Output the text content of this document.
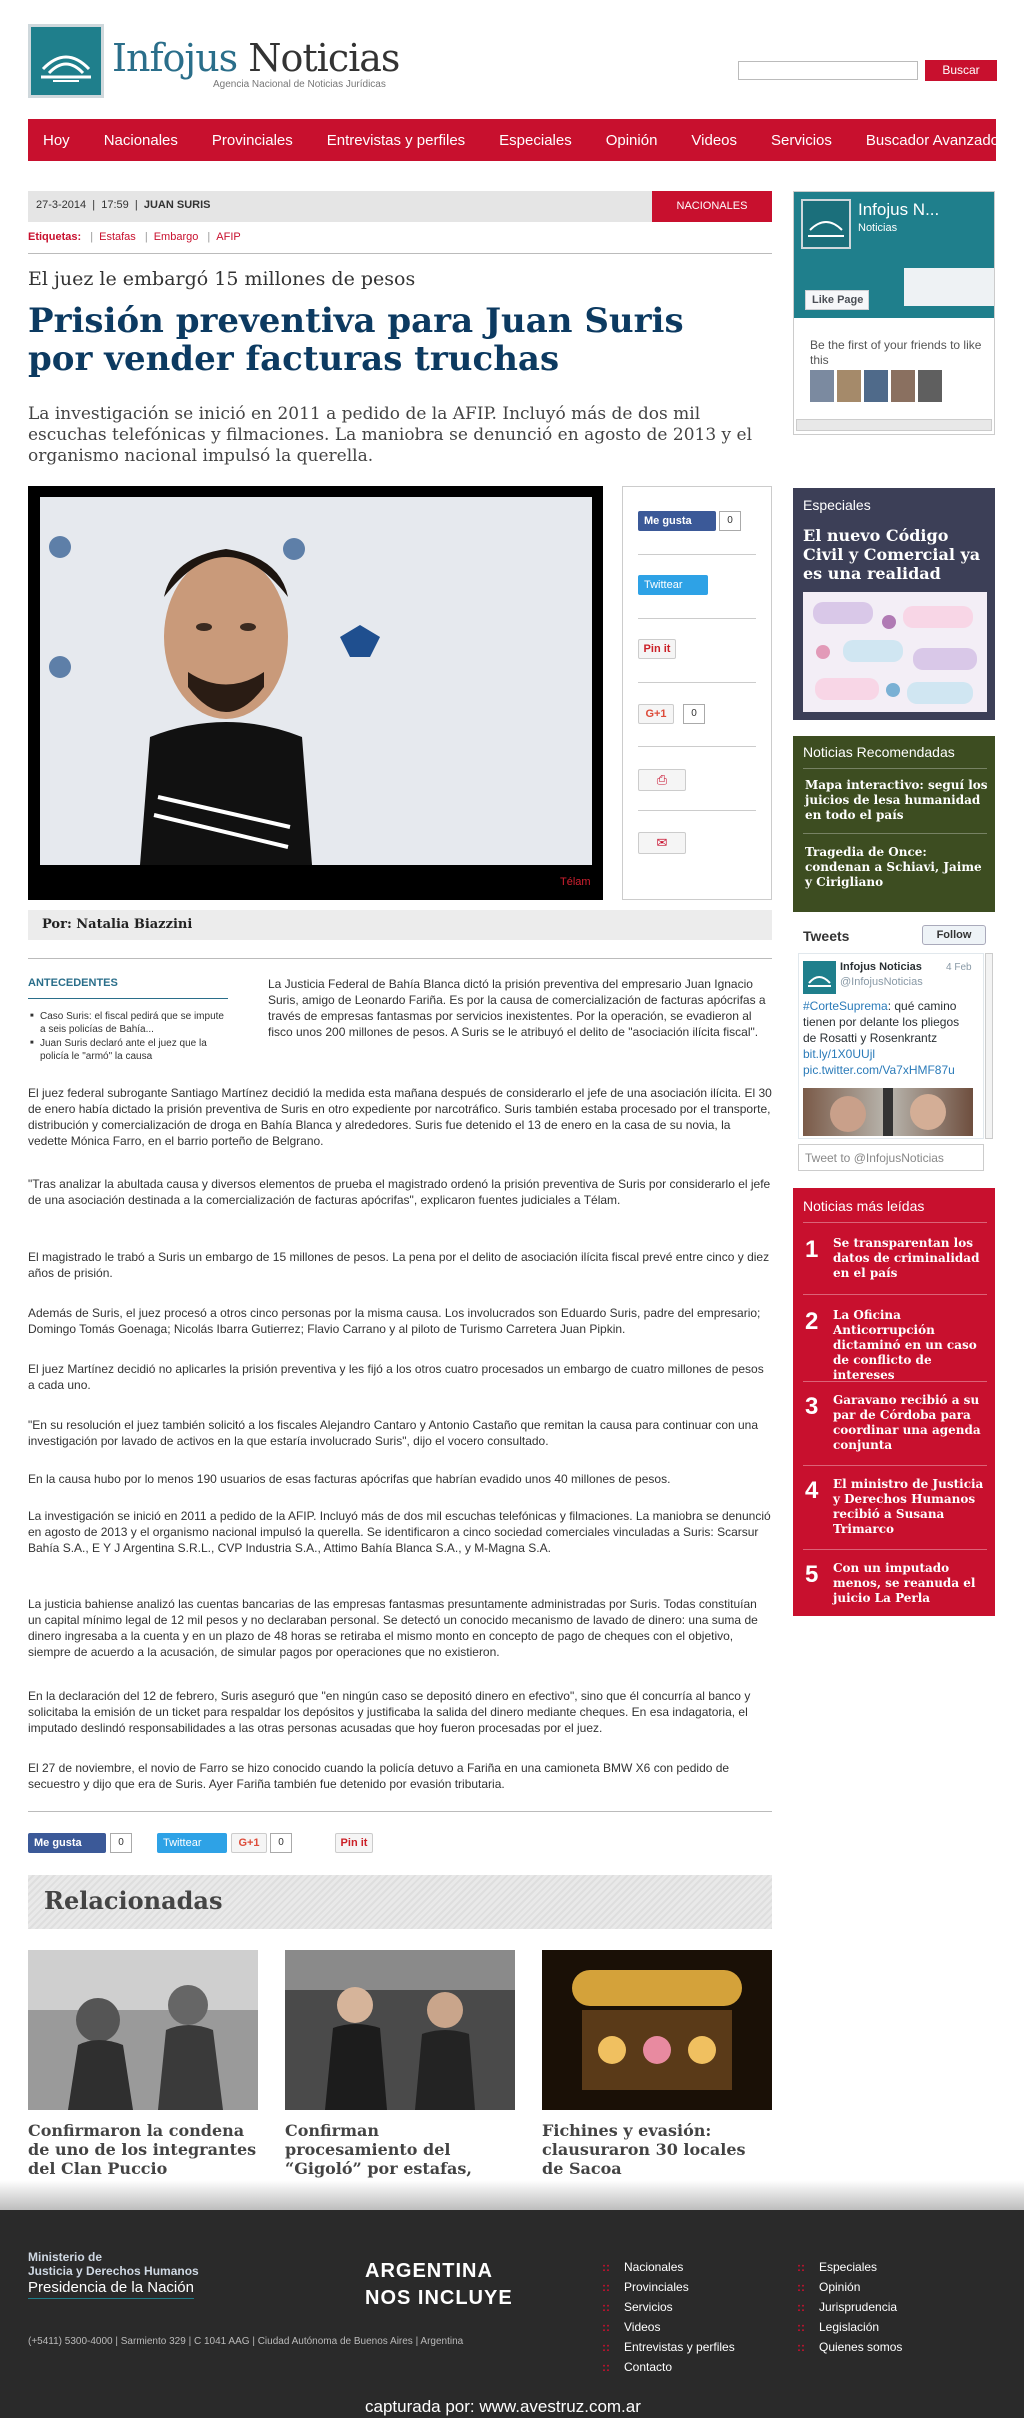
Infojus Noticias
Agencia Nacional de Noticias Jurídicas
Buscar
Hoy Nacionales Provinciales Entrevistas y perfiles Especiales Opinión Videos Servicios Buscador Avanzado
27-3-2014  |  17:59  |  JUAN SURIS	NACIONALES
Etiquetas: | Estafas | Embargo | AFIP
El juez le embargó 15 millones de pesos
Prisión preventiva para Juan Suris por vender facturas truchas

La investigación se inició en 2011 a pedido de la AFIP. Incluyó más de dos mil escuchas telefónicas y filmaciones. La maniobra se denunció en agosto de 2013 y el organismo nacional impulsó la querella.

Télam
Me gusta	0
Twittear
Pin it
G+1	0
⎙
✉
Por: Natalia Biazzini
ANTECEDENTES
■ Caso Suris: el fiscal pedirá que se impute a seis policías de Bahía...
■ Juan Suris declaró ante el juez que la policía le "armó" la causa

La Justicia Federal de Bahía Blanca dictó la prisión preventiva del empresario Juan Ignacio Suris, amigo de Leonardo Fariña. Es por la causa de comercialización de facturas apócrifas a través de empresas fantasmas por servicios inexistentes. Por la operación, se evadieron al fisco unos 200 millones de pesos. A Suris se le atribuyó el delito de "asociación ilícita fiscal".

El juez federal subrogante Santiago Martínez decidió la medida esta mañana después de considerarlo el jefe de una asociación ilícita. El 30 de enero había dictado la prisión preventiva de Suris en otro expediente por narcotráfico. Suris también estaba procesado por el transporte, distribución y comercialización de droga en Bahía Blanca y alrededores. Suris fue detenido el 13 de enero en la casa de su novia, la vedette Mónica Farro, en el barrio porteño de Belgrano.

"Tras analizar la abultada causa y diversos elementos de prueba el magistrado ordenó la prisión preventiva de Suris por considerarlo el jefe de una asociación destinada a la comercialización de facturas apócrifas", explicaron fuentes judiciales a Télam.

El magistrado le trabó a Suris un embargo de 15 millones de pesos. La pena por el delito de asociación ilícita fiscal prevé entre cinco y diez años de prisión.

Además de Suris, el juez procesó a otros cinco personas por la misma causa. Los involucrados son Eduardo Suris, padre del empresario; Domingo Tomás Goenaga; Nicolás Ibarra Gutierrez; Flavio Carrano y al piloto de Turismo Carretera Juan Pipkin.

El juez Martínez decidió no aplicarles la prisión preventiva y les fijó a los otros cuatro procesados un embargo de cuatro millones de pesos a cada uno.

"En su resolución el juez también solicitó a los fiscales Alejandro Cantaro y Antonio Castaño que remitan la causa para continuar con una investigación por lavado de activos en la que estaría involucrado Suris", dijo el vocero consultado.

En la causa hubo por lo menos 190 usuarios de esas facturas apócrifas que habrían evadido unos 40 millones de pesos.

La investigación se inició en 2011 a pedido de la AFIP. Incluyó más de dos mil escuchas telefónicas y filmaciones. La maniobra se denunció en agosto de 2013 y el organismo nacional impulsó la querella. Se identificaron a cinco sociedad comerciales vinculadas a Suris: Scarsur Bahía S.A., E Y J Argentina S.R.L., CVP Industria S.A., Attimo Bahía Blanca S.A., y M-Magna S.A.

La justicia bahiense analizó las cuentas bancarias de las empresas fantasmas presuntamente administradas por Suris. Todas constituían un capital mínimo legal de 12 mil pesos y no declaraban personal. Se detectó un conocido mecanismo de lavado de dinero: una suma de dinero ingresaba a la cuenta y en un plazo de 48 horas se retiraba el mismo monto en concepto de pago de cheques con el objetivo, siempre de acuerdo a la acusación, de simular pagos por operaciones que no existieron.

En la declaración del 12 de febrero, Suris aseguró que "en ningún caso se depositó dinero en efectivo", sino que él concurría al banco y solicitaba la emisión de un ticket para respaldar los depósitos y justificaba la salida del dinero mediante cheques. En esa indagatoria, el imputado deslindó responsabilidades a las otras personas acusadas que hoy fueron procesadas por el juez.

El 27 de noviembre, el novio de Farro se hizo conocido cuando la policía detuvo a Fariña en una camioneta BMW X6 con pedido de secuestro y dijo que era de Suris. Ayer Fariña también fue detenido por evasión tributaria.

Me gusta	0	Twittear	G+1	0	Pin it
Relacionadas
Confirmaron la condena de uno de los integrantes del Clan Puccio
Confirman procesamiento del “Gigoló” por estafas,
Fichines y evasión: clausuraron 30 locales de Sacoa
Infojus N...
Noticias
Like Page
Be the first of your friends to like this
Especiales
El nuevo Código Civil y Comercial ya es una realidad
Noticias Recomendadas
Mapa interactivo: seguí los juicios de lesa humanidad en todo el país
Tragedia de Once: condenan a Schiavi, Jaime y Cirigliano
Tweets	Follow
Infojus Noticias
@InfojusNoticias
4 Feb
#CorteSuprema: qué camino tienen por delante los pliegos de Rosatti y Rosenkrantz bit.ly/1X0UUjl pic.twitter.com/Va7xHMF87u
Tweet to @InfojusNoticias
Noticias más leídas
1 Se transparentan los datos de criminalidad en el país
2 La Oficina Anticorrupción dictaminó en un caso de conflicto de intereses
3 Garavano recibió a su par de Córdoba para coordinar una agenda conjunta
4 El ministro de Justicia y Derechos Humanos recibió a Susana Trimarco
5 Con un imputado menos, se reanuda el juicio La Perla
Ministerio de
Justicia y Derechos Humanos
Presidencia de la Nación
ARGENTINA
NOS INCLUYE
(+5411) 5300-4000 | Sarmiento 329 | C 1041 AAG | Ciudad Autónoma de Buenos Aires | Argentina
:: Nacionales
:: Provinciales
:: Servicios
:: Videos
:: Entrevistas y perfiles
:: Contacto
:: Especiales
:: Opinión
:: Jurisprudencia
:: Legislación
:: Quienes somos
capturada por: www.avestruz.com.ar
